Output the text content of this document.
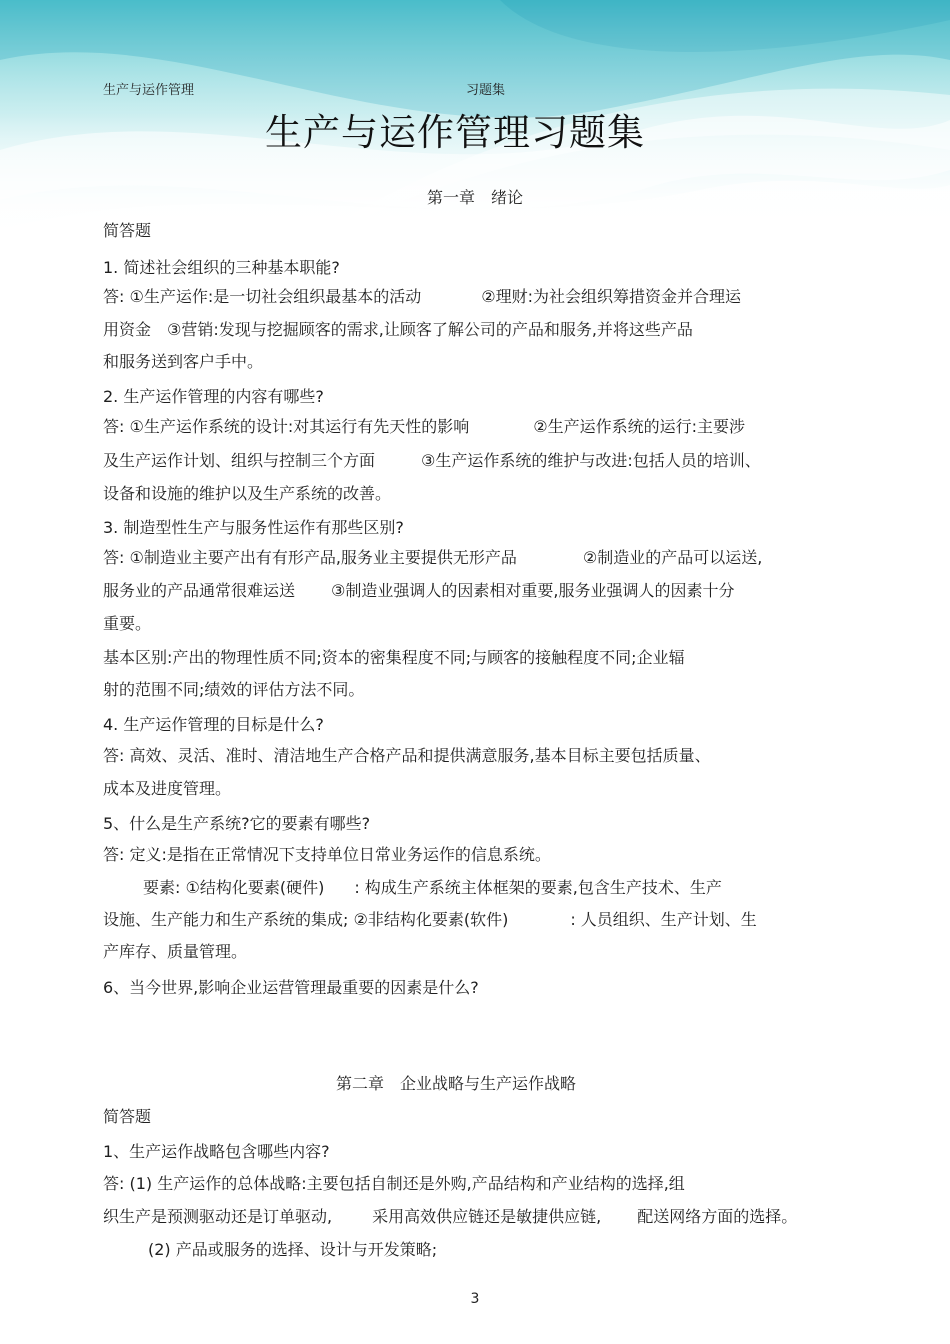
生产与运作管理	习题集
生产与运作管理习题集
第一章　绪论
简答题
1. 简述社会组织的三种基本职能?
答: ①生产运作:是一切社会组织最基本的活动	②理财:为社会组织筹措资金并合理运
用资金　③营销:发现与挖掘顾客的需求,让顾客了解公司的产品和服务,并将这些产品
和服务送到客户手中。
2. 生产运作管理的内容有哪些?
答: ①生产运作系统的设计:对其运行有先天性的影响	②生产运作系统的运行:主要涉
及生产运作计划、组织与控制三个方面	③生产运作系统的维护与改进:包括人员的培训、
设备和设施的维护以及生产系统的改善。
3. 制造型性生产与服务性运作有那些区别?
答: ①制造业主要产出有有形产品,服务业主要提供无形产品	②制造业的产品可以运送,
服务业的产品通常很难运送 ③制造业强调人的因素相对重要,服务业强调人的因素十分
重要。
基本区别:产出的物理性质不同;资本的密集程度不同;与顾客的接触程度不同;企业辐
射的范围不同;绩效的评估方法不同。
4. 生产运作管理的目标是什么?
答: 高效、灵活、准时、清洁地生产合格产品和提供满意服务,基本目标主要包括质量、
成本及进度管理。
5、什么是生产系统?它的要素有哪些?
答: 定义:是指在正常情况下支持单位日常业务运作的信息系统。
要素: ①结构化要素(硬件) : 构成生产系统主体框架的要素,包含生产技术、生产
设施、生产能力和生产系统的集成; ②非结构化要素(软件)	: 人员组织、生产计划、生
产库存、质量管理。
6、当今世界,影响企业运营管理最重要的因素是什么?
第二章　企业战略与生产运作战略
简答题
1、生产运作战略包含哪些内容?
答: (1) 生产运作的总体战略:主要包括自制还是外购,产品结构和产业结构的选择,组
织生产是预测驱动还是订单驱动,	采用高效供应链还是敏捷供应链, 配送网络方面的选择。
(2) 产品或服务的选择、设计与开发策略;
3
